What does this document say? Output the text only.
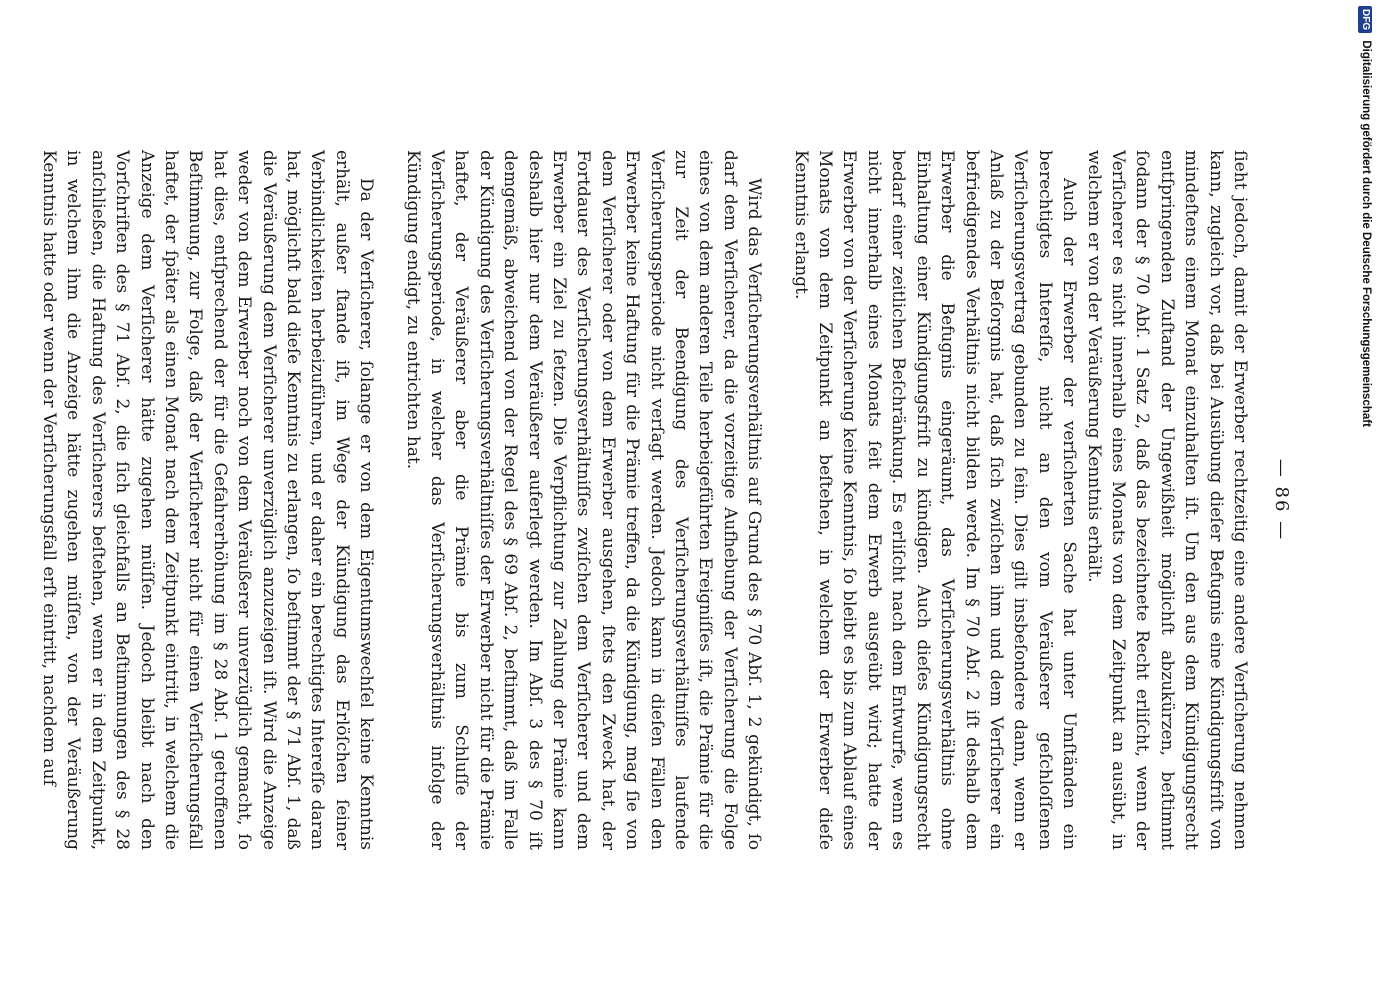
— 86 —

ſieht jedoch, damit der Erwerber rechtzeitig eine andere Verſicherung nehmen kann, zugleich vor, daß bei Ausübung dieſer Befugnis eine Kündigungsfriſt von mindeſtens einem Monat einzuhalten iſt. Um den aus dem Kündigungsrecht entſpringenden Zuſtand der Ungewißheit möglichſt abzukürzen, beſtimmt ſodann der § 70 Abſ. 1 Satz 2, daß das bezeichnete Recht erliſcht, wenn der Verſicherer es nicht innerhalb eines Monats von dem Zeitpunkt an ausübt, in welchem er von der Veräußerung Kenntnis erhält.

Auch der Erwerber der verſicherten Sache hat unter Umſtänden ein berechtigtes Intereſſe, nicht an den vom Veräußerer geſchloſſenen Verſicherungsvertrag gebunden zu ſein. Dies gilt insbeſondere dann, wenn er Anlaß zu der Beſorgnis hat, daß ſich zwiſchen ihm und dem Verſicherer ein befriedigendes Verhältnis nicht bilden werde. Im § 70 Abſ. 2 iſt deshalb dem Erwerber die Befugnis eingeräumt, das Verſicherungsverhältnis ohne Einhaltung einer Kündigungsfriſt zu kündigen. Auch dieſes Kündigungsrecht bedarf einer zeitlichen Beſchränkung. Es erliſcht nach dem Entwurfe, wenn es nicht innerhalb eines Monats ſeit dem Erwerb ausgeübt wird; hatte der Erwerber von der Verſicherung keine Kenntnis, ſo bleibt es bis zum Ablauf eines Monats von dem Zeitpunkt an beſtehen, in welchem der Erwerber dieſe Kenntnis erlangt.

Wird das Verſicherungsverhältnis auf Grund des § 70 Abſ. 1, 2 gekündigt, ſo darf dem Verſicherer, da die vorzeitige Aufhebung der Verſicherung die Folge eines von dem anderen Teile herbeigeführten Ereigniſſes iſt, die Prämie für die zur Zeit der Beendigung des Verſicherungsverhältniſſes laufende Verſicherungsperiode nicht verſagt werden. Jedoch kann in dieſen Fällen den Erwerber keine Haftung für die Prämie treffen, da die Kündigung, mag ſie von dem Verſicherer oder von dem Erwerber ausgehen, ſtets den Zweck hat, der Fortdauer des Verſicherungsverhältniſſes zwiſchen dem Verſicherer und dem Erwerber ein Ziel zu ſetzen. Die Verpflichtung zur Zahlung der Prämie kann deshalb hier nur dem Veräußerer auferlegt werden. Im Abſ. 3 des § 70 iſt demgemäß, abweichend von der Regel des § 69 Abſ. 2, beſtimmt, daß im Falle der Kündigung des Verſicherungsverhältniſſes der Erwerber nicht für die Prämie haftet, der Veräußerer aber die Prämie bis zum Schluſſe der Verſicherungsperiode, in welcher das Verſicherungsverhältnis infolge der Kündigung endigt, zu entrichten hat.

Da der Verſicherer, ſolange er von dem Eigentumswechſel keine Kenntnis erhält, außer ſtande iſt, im Wege der Kündigung das Erlöſchen ſeiner Verbindlichkeiten herbeizuführen, und er daher ein berechtigtes Intereſſe daran hat, möglichſt bald dieſe Kenntnis zu erlangen, ſo beſtimmt der § 71 Abſ. 1, daß die Veräußerung dem Verſicherer unverzüglich anzuzeigen iſt. Wird die Anzeige weder von dem Erwerber noch von dem Veräußerer unverzüglich gemacht, ſo hat dies, entſprechend der für die Gefahrerhöhung im § 28 Abſ. 1 getroffenen Beſtimmung, zur Folge, daß der Verſicherer nicht für einen Verſicherungsfall haftet, der ſpäter als einen Monat nach dem Zeitpunkt eintritt, in welchem die Anzeige dem Verſicherer hätte zugehen müſſen. Jedoch bleibt nach den Vorſchriften des § 71 Abſ. 2, die ſich gleichfalls an Beſtimmungen des § 28 anſchließen, die Haftung des Verſicherers beſtehen, wenn er in dem Zeitpunkt, in welchem ihm die Anzeige hätte zugehen müſſen, von der Veräußerung Kenntnis hatte oder wenn der Verſicherungsfall erſt eintritt, nachdem auf

DFG Digitalisierung gefördert durch die Deutsche Forschungsgemeinschaft
